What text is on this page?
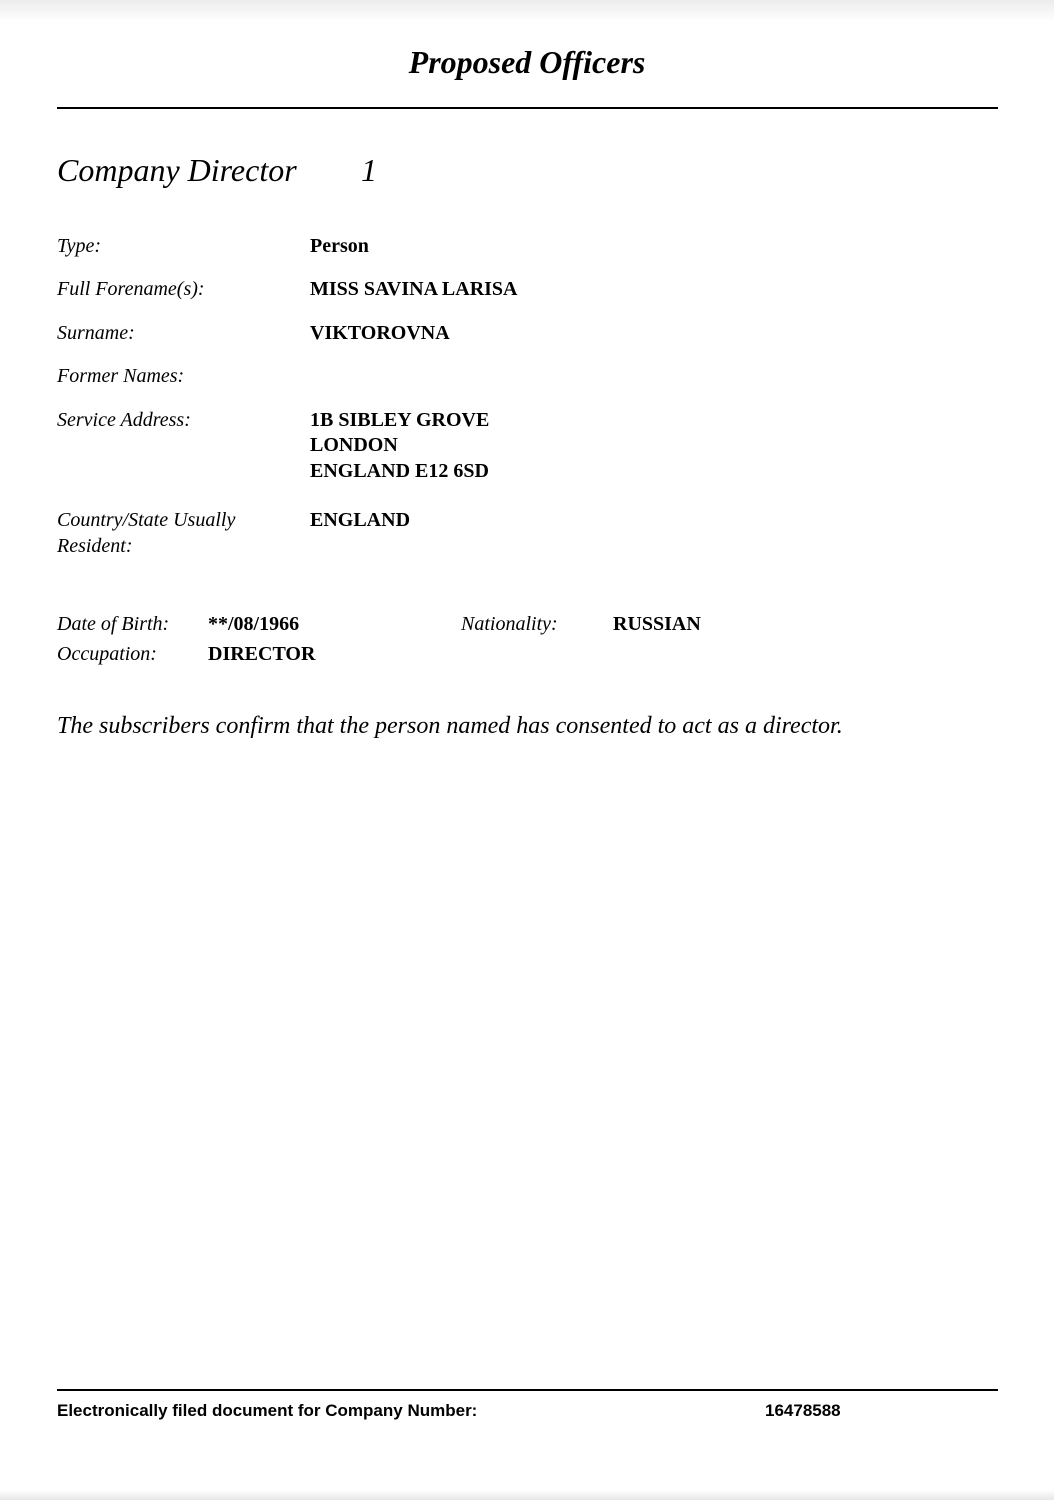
Proposed Officers
Company Director 1
Type:	Person
Full Forename(s):	MISS SAVINA LARISA
Surname:	VIKTOROVNA
Former Names:
Service Address:	1B SIBLEY GROVE
LONDON
ENGLAND E12 6SD
Country/State Usually
Resident:
ENGLAND
Date of Birth: **/08/1966	Nationality:	RUSSIAN
Occupation:	DIRECTOR
The subscribers confirm that the person named has consented to act as a director.
Electronically filed document for Company Number:	16478588
